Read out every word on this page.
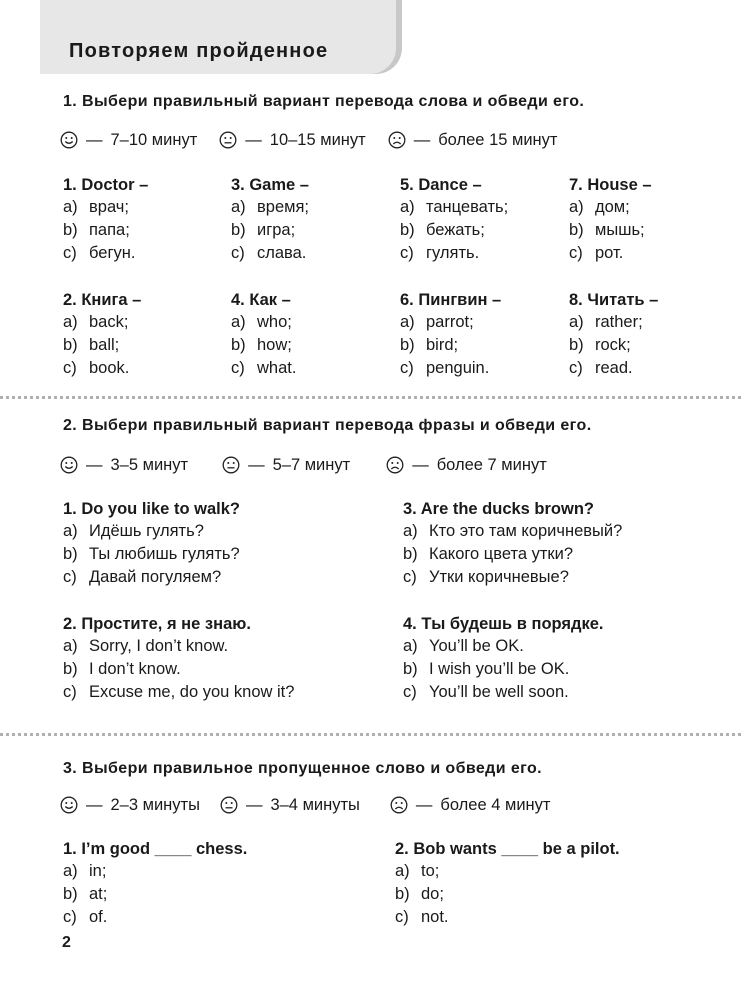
Повторяем пройденное
1. Выбери правильный вариант перевода слова и обведи его.
— 7–10 минут	— 10–15 минут	— более 15 минут
1. Doctor –
a) врач;
b) папа;
c) бегун.
3. Game –
a) время;
b) игра;
c) слава.
5. Dance –
a) танцевать;
b) бежать;
c) гулять.
7. House –
a) дом;
b) мышь;
c) рот.
2. Книга –
a) back;
b) ball;
c) book.
4. Как –
a) who;
b) how;
c) what.
6. Пингвин –
a) parrot;
b) bird;
c) penguin.
8. Читать –
a) rather;
b) rock;
c) read.
2. Выбери правильный вариант перевода фразы и обведи его.
— 3–5 минут	— 5–7 минут	— более 7 минут
1. Do you like to walk?
a) Идёшь гулять?
b) Ты любишь гулять?
c) Давай погуляем?
3. Are the ducks brown?
a) Кто это там коричневый?
b) Какого цвета утки?
c) Утки коричневые?
2. Простите, я не знаю.
a) Sorry, I don’t know.
b) I don’t know.
c) Excuse me, do you know it?
4. Ты будешь в порядке.
a) You’ll be OK.
b) I wish you’ll be OK.
c) You’ll be well soon.
3. Выбери правильное пропущенное слово и обведи его.
— 2–3 минуты	— 3–4 минуты	— более 4 минут
1. I’m good ____ chess.
a) in;
b) at;
c) of.
2. Bob wants ____ be a pilot.
a) to;
b) do;
c) not.
2
